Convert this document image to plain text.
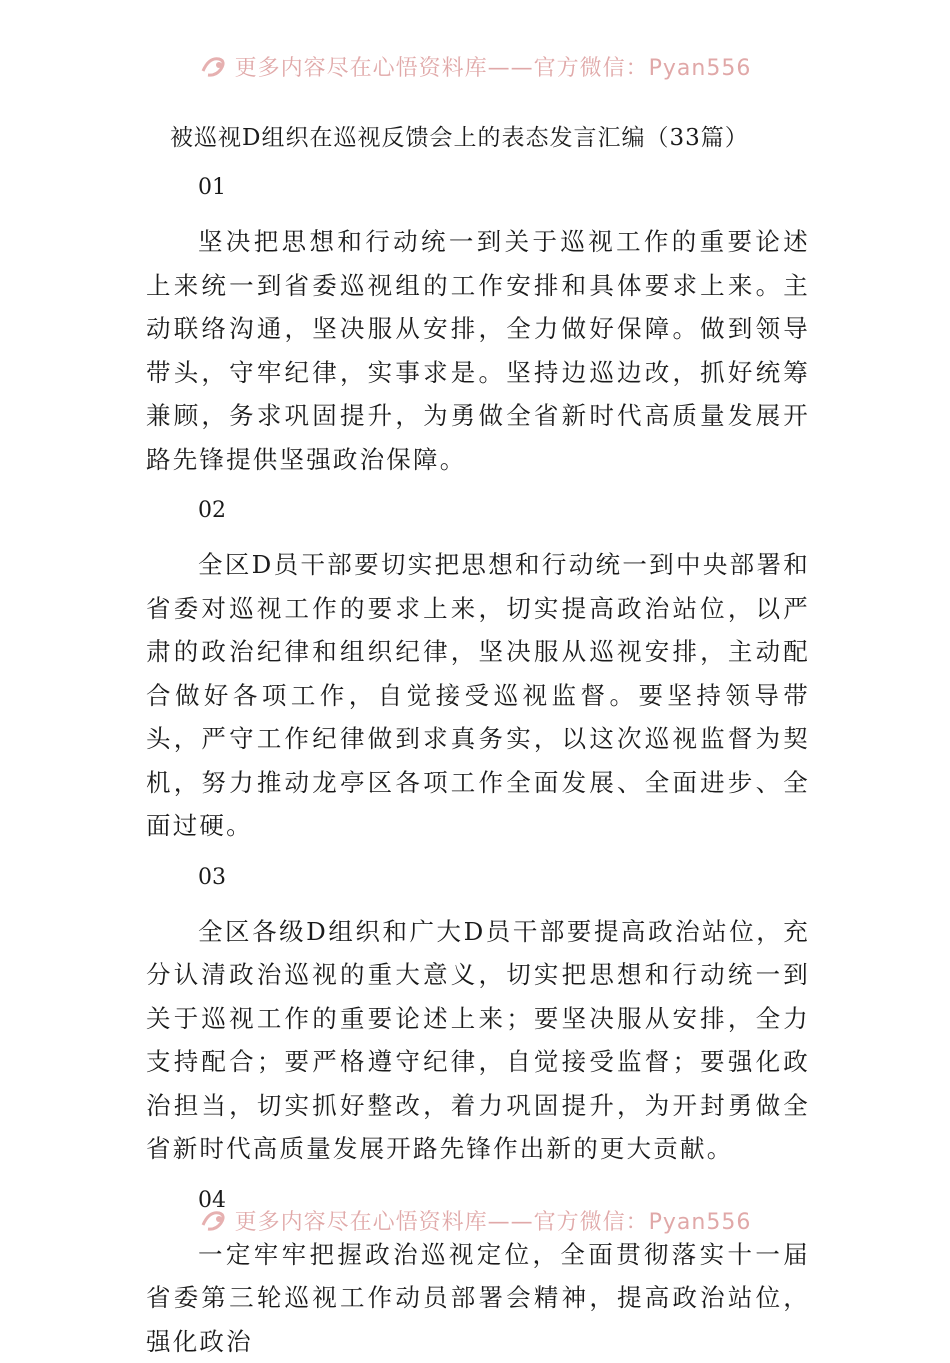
更多内容尽在心悟资料库——官方微信：Pyan556
被巡视D组织在巡视反馈会上的表态发言汇编（33篇）
01

坚决把思想和行动统一到关于巡视工作的重要论述上来统一到省委巡视组的工作安排和具体要求上来。主动联络沟通，坚决服从安排，全力做好保障。做到领导带头，守牢纪律，实事求是。坚持边巡边改，抓好统筹兼顾，务求巩固提升，为勇做全省新时代高质量发展开路先锋提供坚强政治保障。

02

全区D员干部要切实把思想和行动统一到中央部署和省委对巡视工作的要求上来，切实提高政治站位，以严肃的政治纪律和组织纪律，坚决服从巡视安排，主动配合做好各项工作，自觉接受巡视监督。要坚持领导带头，严守工作纪律做到求真务实，以这次巡视监督为契机，努力推动龙亭区各项工作全面发展、全面进步、全面过硬。

03

全区各级D组织和广大D员干部要提高政治站位，充分认清政治巡视的重大意义，切实把思想和行动统一到关于巡视工作的重要论述上来；要坚决服从安排，全力支持配合；要严格遵守纪律，自觉接受监督；要强化政治担当，切实抓好整改，着力巩固提升，为开封勇做全省新时代高质量发展开路先锋作出新的更大贡献。

04

一定牢牢把握政治巡视定位，全面贯彻落实十一届省委第三轮巡视工作动员部署会精神，提高政治站位，强化政治

更多内容尽在心悟资料库——官方微信：Pyan556
